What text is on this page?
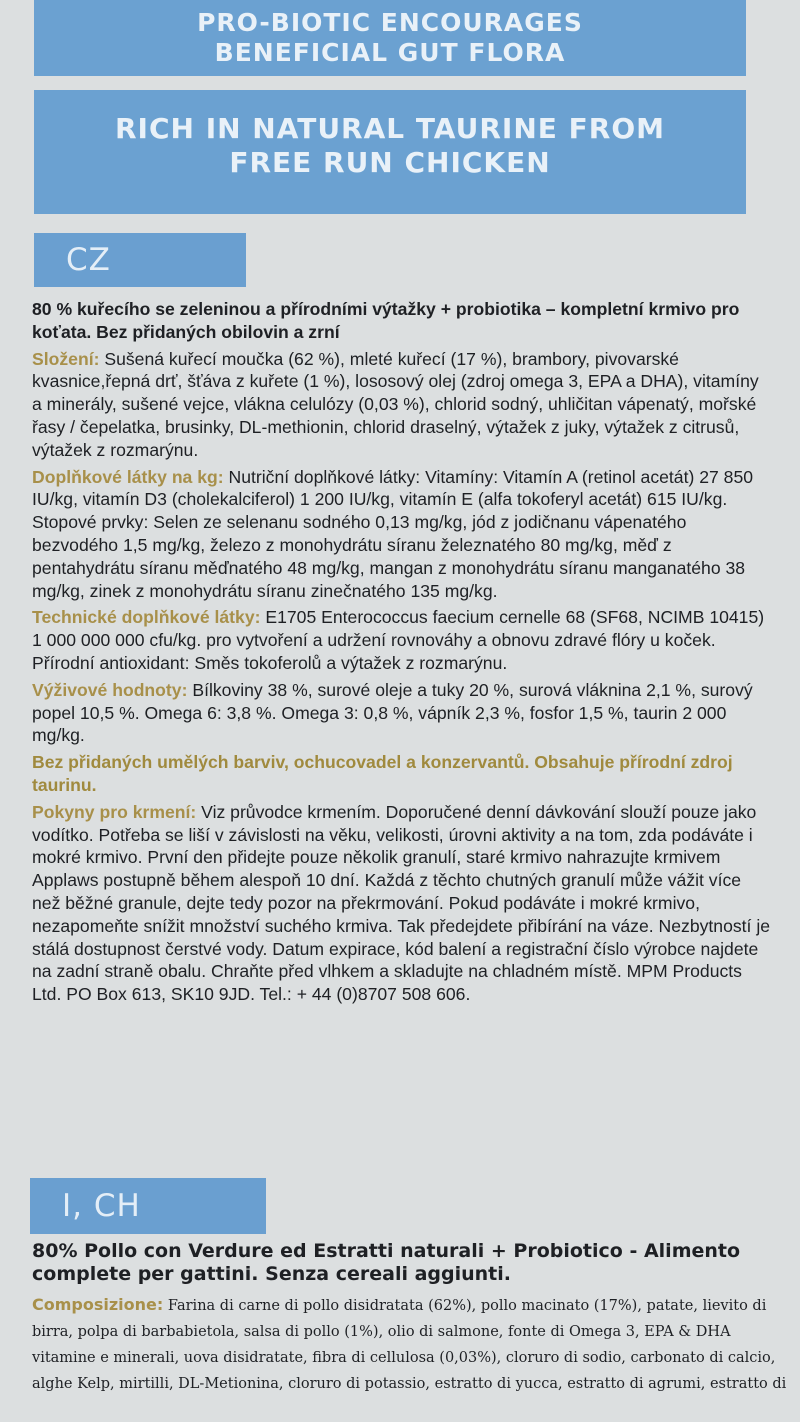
PRO-BIOTIC ENCOURAGES
BENEFICIAL GUT FLORA
RICH IN NATURAL TAURINE FROM
FREE RUN CHICKEN
CZ

80 % kuřecího se zeleninou a přírodními výtažky + probiotika – kompletní krmivo pro koťata. Bez přidaných obilovin a zrní

Složení: Sušená kuřecí moučka (62 %), mleté kuřecí (17 %), brambory, pivovarské kvasnice,řepná drť, šťáva z kuřete (1 %), lososový olej (zdroj omega 3, EPA a DHA), vitamíny a minerály, sušené vejce, vlákna celulózy (0,03 %), chlorid sodný, uhličitan vápenatý, mořské řasy / čepelatka, brusinky, DL-methionin, chlorid draselný, výtažek z juky, výtažek z citrusů, výtažek z rozmarýnu.

Doplňkové látky na kg: Nutriční doplňkové látky: Vitamíny: Vitamín A (retinol acetát) 27 850 IU/kg, vitamín D3 (cholekalciferol) 1 200 IU/kg, vitamín E (alfa tokoferyl acetát) 615 IU/kg. Stopové prvky: Selen ze selenanu sodného 0,13 mg/kg, jód z jodičnanu vápenatého bezvodého 1,5 mg/kg, železo z monohydrátu síranu železnatého 80 mg/kg, měď z pentahydrátu síranu měďnatého 48 mg/kg, mangan z monohydrátu síranu manganatého 38 mg/kg, zinek z monohydrátu síranu zinečnatého 135 mg/kg.

Technické doplňkové látky: E1705 Enterococcus faecium cernelle 68 (SF68, NCIMB 10415) 1 000 000 000 cfu/kg. pro vytvoření a udržení rovnováhy a obnovu zdravé flóry u koček. Přírodní antioxidant: Směs tokoferolů a výtažek z rozmarýnu.

Výživové hodnoty: Bílkoviny 38 %, surové oleje a tuky 20 %, surová vláknina 2,1 %, surový popel 10,5 %. Omega 6: 3,8 %. Omega 3: 0,8 %, vápník 2,3 %, fosfor 1,5 %, taurin 2 000 mg/kg.

Bez přidaných umělých barviv, ochucovadel a konzervantů. Obsahuje přírodní zdroj taurinu.

Pokyny pro krmení: Viz průvodce krmením. Doporučené denní dávkování slouží pouze jako vodítko. Potřeba se liší v závislosti na věku, velikosti, úrovni aktivity a na tom, zda podáváte i mokré krmivo. První den přidejte pouze několik granulí, staré krmivo nahrazujte krmivem Applaws postupně během alespoň 10 dní. Každá z těchto chutných granulí může vážit více než běžné granule, dejte tedy pozor na překrmování. Pokud podáváte i mokré krmivo, nezapomeňte snížit množství suchého krmiva. Tak předejdete přibírání na váze. Nezbytností je stálá dostupnost čerstvé vody. Datum expirace, kód balení a registrační číslo výrobce najdete na zadní straně obalu. Chraňte před vlhkem a skladujte na chladném místě. MPM Products Ltd. PO Box 613, SK10 9JD. Tel.: + 44 (0)8707 508 606.

I, CH

80% Pollo con Verdure ed Estratti naturali + Probiotico - Alimento complete per gattini. Senza cereali aggiunti.

Composizione: Farina di carne di pollo disidratata (62%), pollo macinato (17%), patate, lievito di birra, polpa di barbabietola, salsa di pollo (1%), olio di salmone, fonte di Omega 3, EPA & DHA vitamine e minerali, uova disidratate, fibra di cellulosa (0,03%), cloruro di sodio, carbonato di calcio, alghe Kelp, mirtilli, DL-Metionina, cloruro di potassio, estratto di yucca, estratto di agrumi, estratto di
